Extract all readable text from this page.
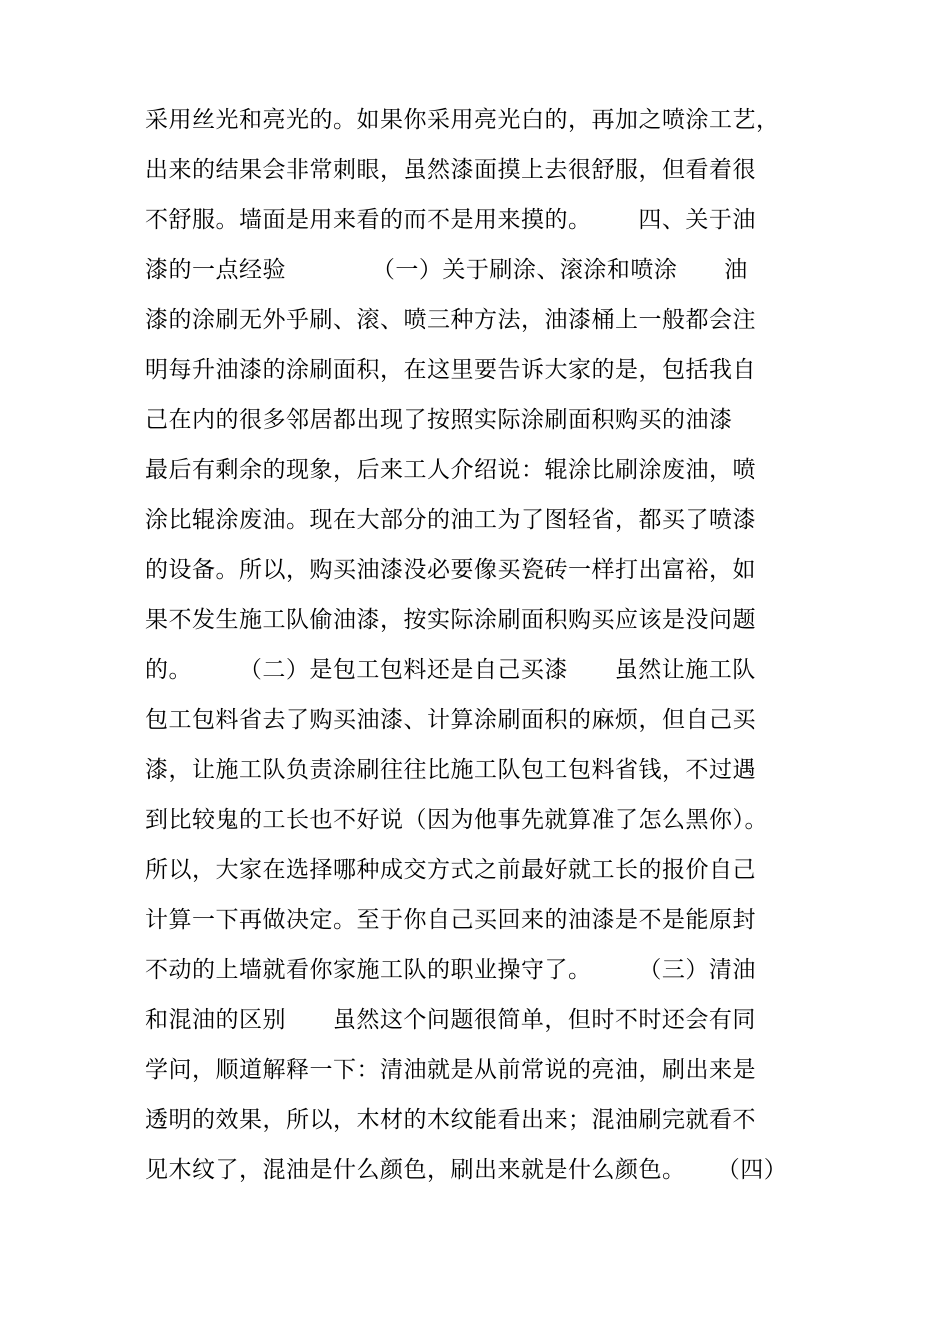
采用丝光和亮光的。如果你采用亮光白的，再加之喷涂工艺，
出来的结果会非常刺眼，虽然漆面摸上去很舒服，但看着很
不舒服。墙面是用来看的而不是用来摸的。      四、关于油
漆的一点经验           （一）关于刷涂、滚涂和喷涂      油
漆的涂刷无外乎刷、滚、喷三种方法，油漆桶上一般都会注
明每升油漆的涂刷面积，在这里要告诉大家的是，包括我自
己在内的很多邻居都出现了按照实际涂刷面积购买的油漆
最后有剩余的现象，后来工人介绍说：辊涂比刷涂废油，喷
涂比辊涂废油。现在大部分的油工为了图轻省，都买了喷漆
的设备。所以，购买油漆没必要像买瓷砖一样打出富裕，如
果不发生施工队偷油漆，按实际涂刷面积购买应该是没问题
的。      （二）是包工包料还是自己买漆      虽然让施工队
包工包料省去了购买油漆、计算涂刷面积的麻烦，但自己买
漆，让施工队负责涂刷往往比施工队包工包料省钱，不过遇
到比较鬼的工长也不好说（因为他事先就算准了怎么黑你）。
所以，大家在选择哪种成交方式之前最好就工长的报价自己
计算一下再做决定。至于你自己买回来的油漆是不是能原封
不动的上墙就看你家施工队的职业操守了。      （三）清油
和混油的区别      虽然这个问题很简单，但时不时还会有同
学问，顺道解释一下：清油就是从前常说的亮油，刷出来是
透明的效果，所以，木材的木纹能看出来；混油刷完就看不
见木纹了，混油是什么颜色，刷出来就是什么颜色。    （四）
